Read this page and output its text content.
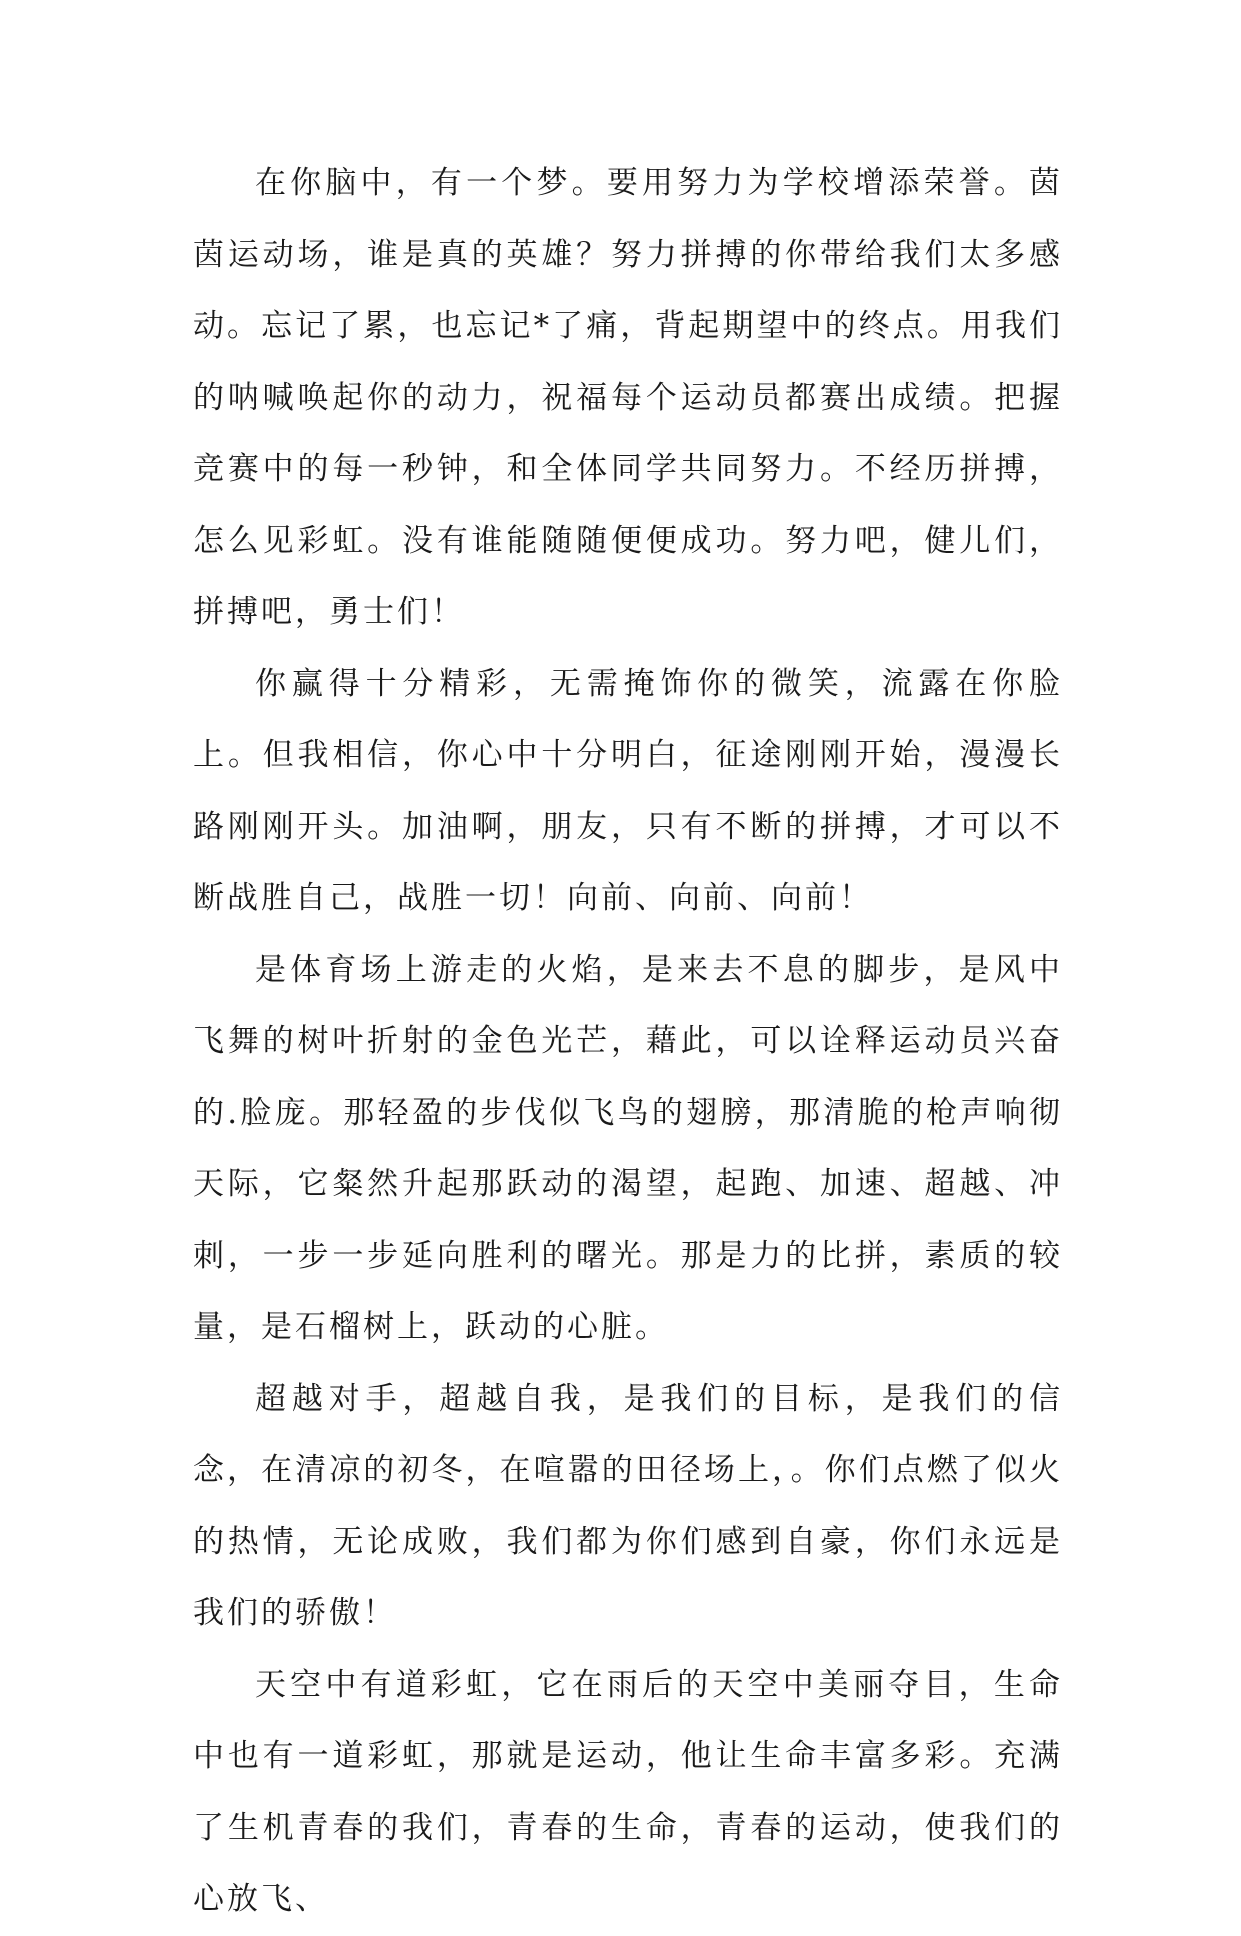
在你脑中，有一个梦。要用努力为学校增添荣誉。茵茵运动场，谁是真的英雄？努力拼搏的你带给我们太多感动。忘记了累，也忘记*了痛，背起期望中的终点。用我们的呐喊唤起你的动力，祝福每个运动员都赛出成绩。把握竞赛中的每一秒钟，和全体同学共同努力。不经历拼搏，怎么见彩虹。没有谁能随随便便成功。努力吧，健儿们，拼搏吧，勇士们！

你赢得十分精彩，无需掩饰你的微笑，流露在你脸上。但我相信，你心中十分明白，征途刚刚开始，漫漫长路刚刚开头。加油啊，朋友，只有不断的拼搏，才可以不断战胜自己，战胜一切！向前、向前、向前！

是体育场上游走的火焰，是来去不息的脚步，是风中飞舞的树叶折射的金色光芒，藉此，可以诠释运动员兴奋的.脸庞。那轻盈的步伐似飞鸟的翅膀，那清脆的枪声响彻天际，它粲然升起那跃动的渴望，起跑、加速、超越、冲刺，一步一步延向胜利的曙光。那是力的比拼，素质的较量，是石榴树上，跃动的心脏。

超越对手，超越自我，是我们的目标，是我们的信念，在清凉的初冬，在喧嚣的田径场上，。你们点燃了似火的热情，无论成败，我们都为你们感到自豪，你们永远是我们的骄傲！

天空中有道彩虹，它在雨后的天空中美丽夺目，生命中也有一道彩虹，那就是运动，他让生命丰富多彩。充满了生机青春的我们，青春的生命，青春的运动，使我们的心放飞、
